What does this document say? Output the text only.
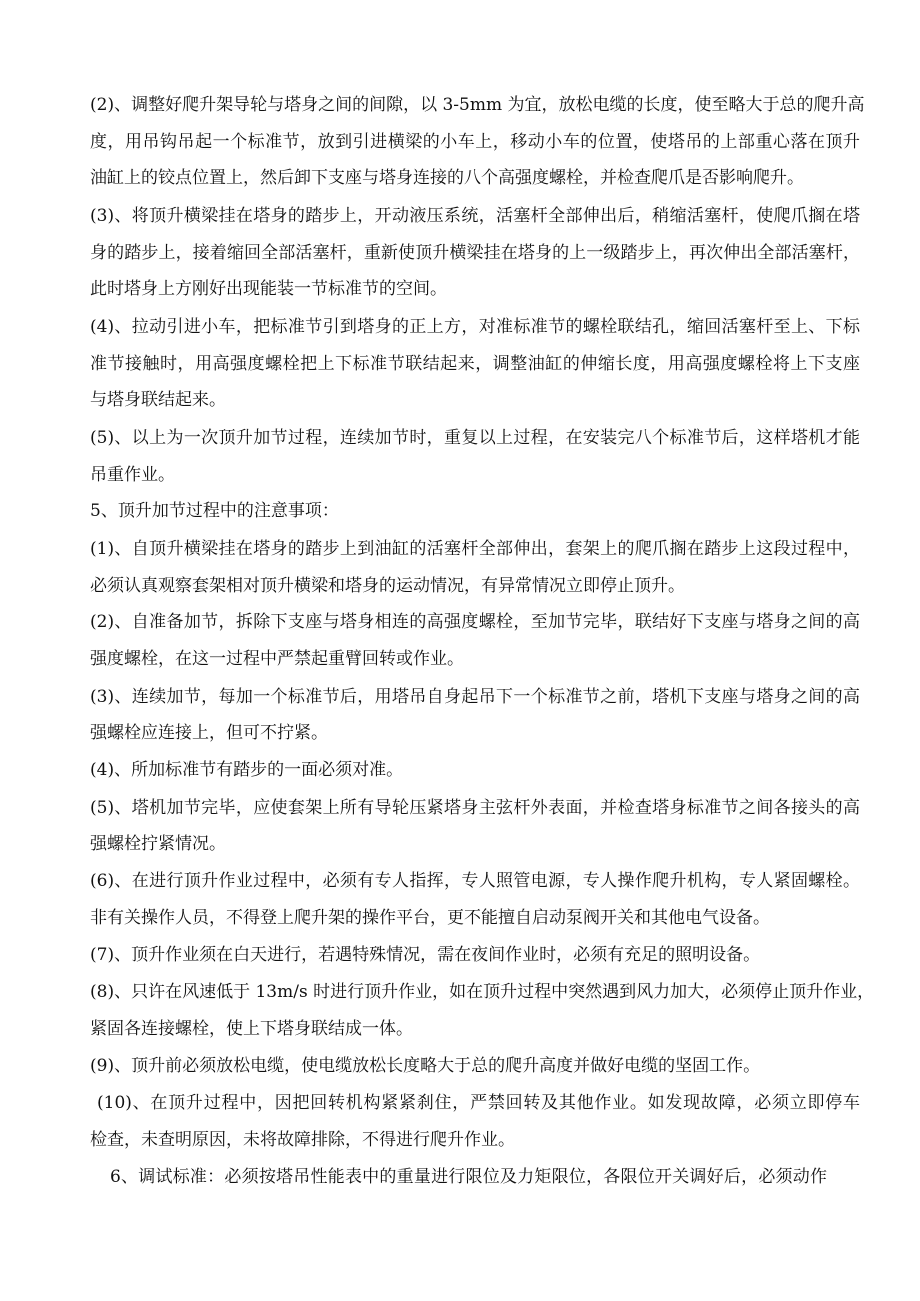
(2)、调整好爬升架导轮与塔身之间的间隙，以 3-5mm 为宜，放松电缆的长度，使至略大于总的爬升高
度，用吊钩吊起一个标准节，放到引进横梁的小车上，移动小车的位置，使塔吊的上部重心落在顶升
油缸上的铰点位置上，然后卸下支座与塔身连接的八个高强度螺栓，并检查爬爪是否影响爬升。
(3)、将顶升横梁挂在塔身的踏步上，开动液压系统，活塞杆全部伸出后，稍缩活塞杆，使爬爪搁在塔
身的踏步上，接着缩回全部活塞杆，重新使顶升横梁挂在塔身的上一级踏步上，再次伸出全部活塞杆，
此时塔身上方刚好出现能装一节标准节的空间。
(4)、拉动引进小车，把标准节引到塔身的正上方，对准标准节的螺栓联结孔，缩回活塞杆至上、下标
准节接触时，用高强度螺栓把上下标准节联结起来，调整油缸的伸缩长度，用高强度螺栓将上下支座
与塔身联结起来。
(5)、以上为一次顶升加节过程，连续加节时，重复以上过程，在安装完八个标准节后，这样塔机才能
吊重作业。
5、顶升加节过程中的注意事项：
(1)、自顶升横梁挂在塔身的踏步上到油缸的活塞杆全部伸出，套架上的爬爪搁在踏步上这段过程中，
必须认真观察套架相对顶升横梁和塔身的运动情况，有异常情况立即停止顶升。
(2)、自准备加节，拆除下支座与塔身相连的高强度螺栓，至加节完毕，联结好下支座与塔身之间的高
强度螺栓，在这一过程中严禁起重臂回转或作业。
(3)、连续加节，每加一个标准节后，用塔吊自身起吊下一个标准节之前，塔机下支座与塔身之间的高
强螺栓应连接上，但可不拧紧。
(4)、所加标准节有踏步的一面必须对准。
(5)、塔机加节完毕，应使套架上所有导轮压紧塔身主弦杆外表面，并检查塔身标准节之间各接头的高
强螺栓拧紧情况。
(6)、在进行顶升作业过程中，必须有专人指挥，专人照管电源，专人操作爬升机构，专人紧固螺栓。
非有关操作人员，不得登上爬升架的操作平台，更不能擅自启动泵阀开关和其他电气设备。
(7)、顶升作业须在白天进行，若遇特殊情况，需在夜间作业时，必须有充足的照明设备。
(8)、只许在风速低于 13m/s 时进行顶升作业，如在顶升过程中突然遇到风力加大，必须停止顶升作业，
紧固各连接螺栓，使上下塔身联结成一体。
(9)、顶升前必须放松电缆，使电缆放松长度略大于总的爬升高度并做好电缆的坚固工作。
(10)、在顶升过程中，因把回转机构紧紧刹住，严禁回转及其他作业。如发现故障，必须立即停车
检查，未查明原因，未将故障排除，不得进行爬升作业。
6、调试标准：必须按塔吊性能表中的重量进行限位及力矩限位，各限位开关调好后，必须动作
